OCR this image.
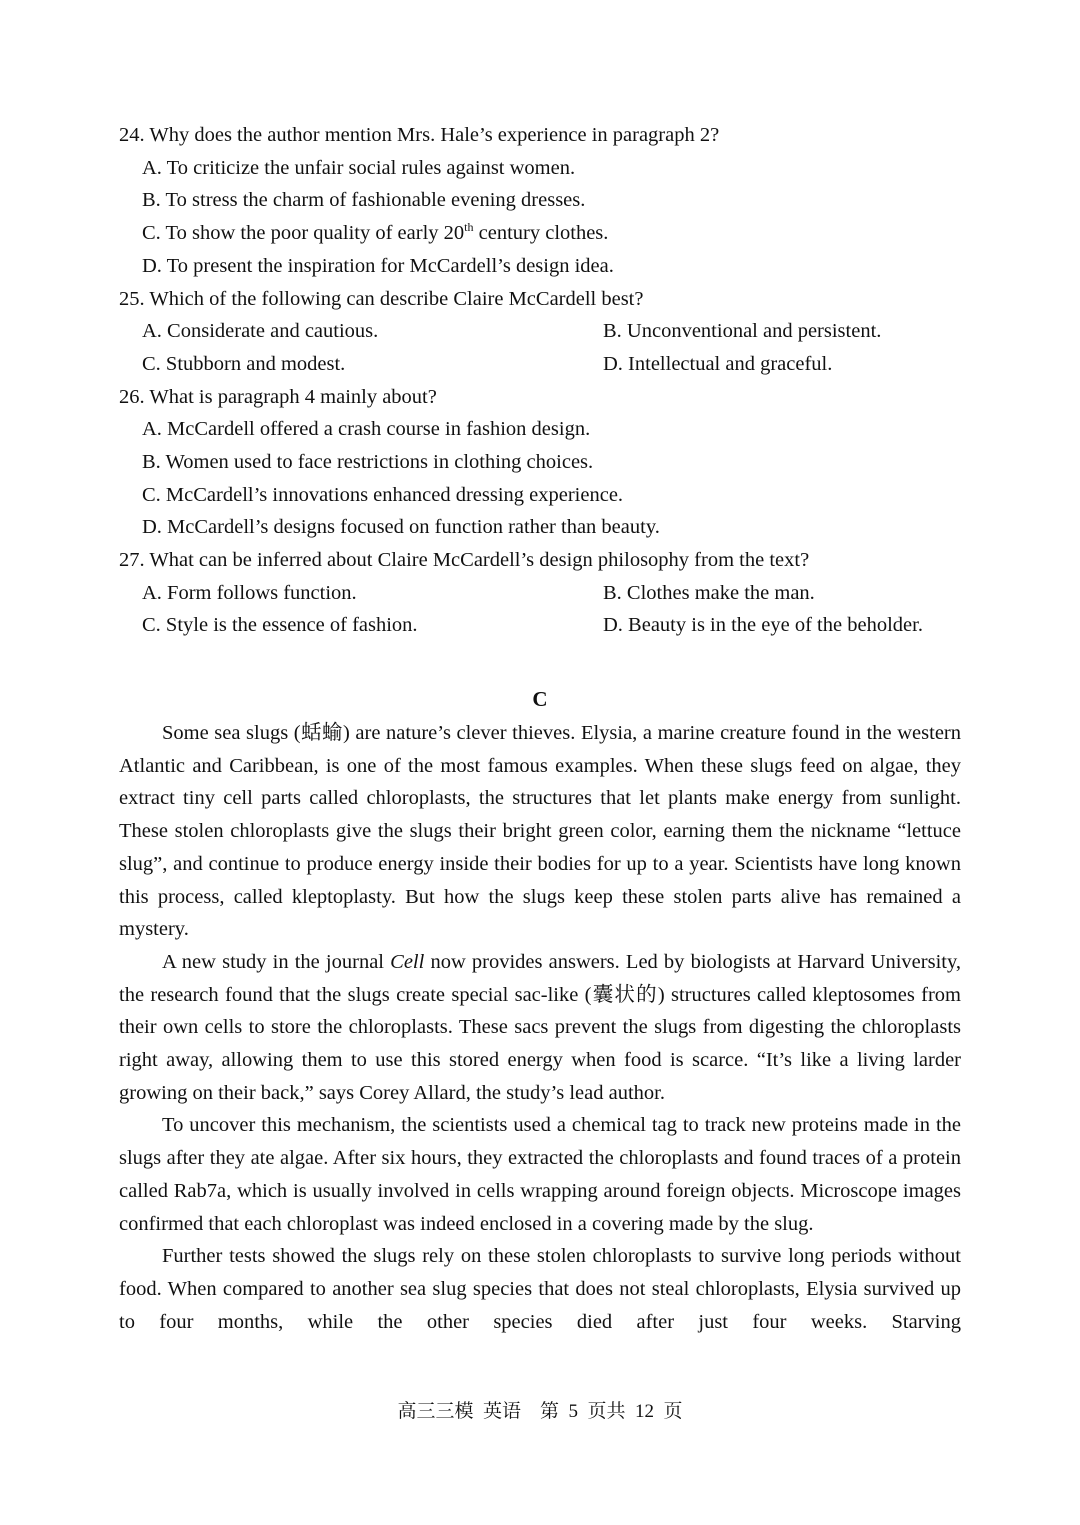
24. Why does the author mention Mrs. Hale’s experience in paragraph 2?
A. To criticize the unfair social rules against women.
B. To stress the charm of fashionable evening dresses.
C. To show the poor quality of early 20th century clothes.
D. To present the inspiration for McCardell’s design idea.
25. Which of the following can describe Claire McCardell best?
A. Considerate and cautious.	B. Unconventional and persistent.
C. Stubborn and modest.	D. Intellectual and graceful.
26. What is paragraph 4 mainly about?
A. McCardell offered a crash course in fashion design.
B. Women used to face restrictions in clothing choices.
C. McCardell’s innovations enhanced dressing experience.
D. McCardell’s designs focused on function rather than beauty.
27. What can be inferred about Claire McCardell’s design philosophy from the text?
A. Form follows function.	B. Clothes make the man.
C. Style is the essence of fashion.	D. Beauty is in the eye of the beholder.
C

Some sea slugs (蛞蝓) are nature’s clever thieves. Elysia, a marine creature found in the western Atlantic and Caribbean, is one of the most famous examples. When these slugs feed on algae, they extract tiny cell parts called chloroplasts, the structures that let plants make energy from sunlight. These stolen chloroplasts give the slugs their bright green color, earning them the nickname “lettuce slug”, and continue to produce energy inside their bodies for up to a year. Scientists have long known this process, called kleptoplasty. But how the slugs keep these stolen parts alive has remained a mystery.

A new study in the journal Cell now provides answers. Led by biologists at Harvard University, the research found that the slugs create special sac-like (囊状的) structures called kleptosomes from their own cells to store the chloroplasts. These sacs prevent the slugs from digesting the chloroplasts right away, allowing them to use this stored energy when food is scarce. “It’s like a living larder growing on their back,” says Corey Allard, the study’s lead author.

To uncover this mechanism, the scientists used a chemical tag to track new proteins made in the slugs after they ate algae. After six hours, they extracted the chloroplasts and found traces of a protein called Rab7a, which is usually involved in cells wrapping around foreign objects. Microscope images confirmed that each chloroplast was indeed enclosed in a covering made by the slug.

Further tests showed the slugs rely on these stolen chloroplasts to survive long periods without food. When compared to another sea slug species that does not steal chloroplasts, Elysia survived up to four months, while the other species died after just four weeks. Starving

高三三模  英语    第  5  页共  12  页
